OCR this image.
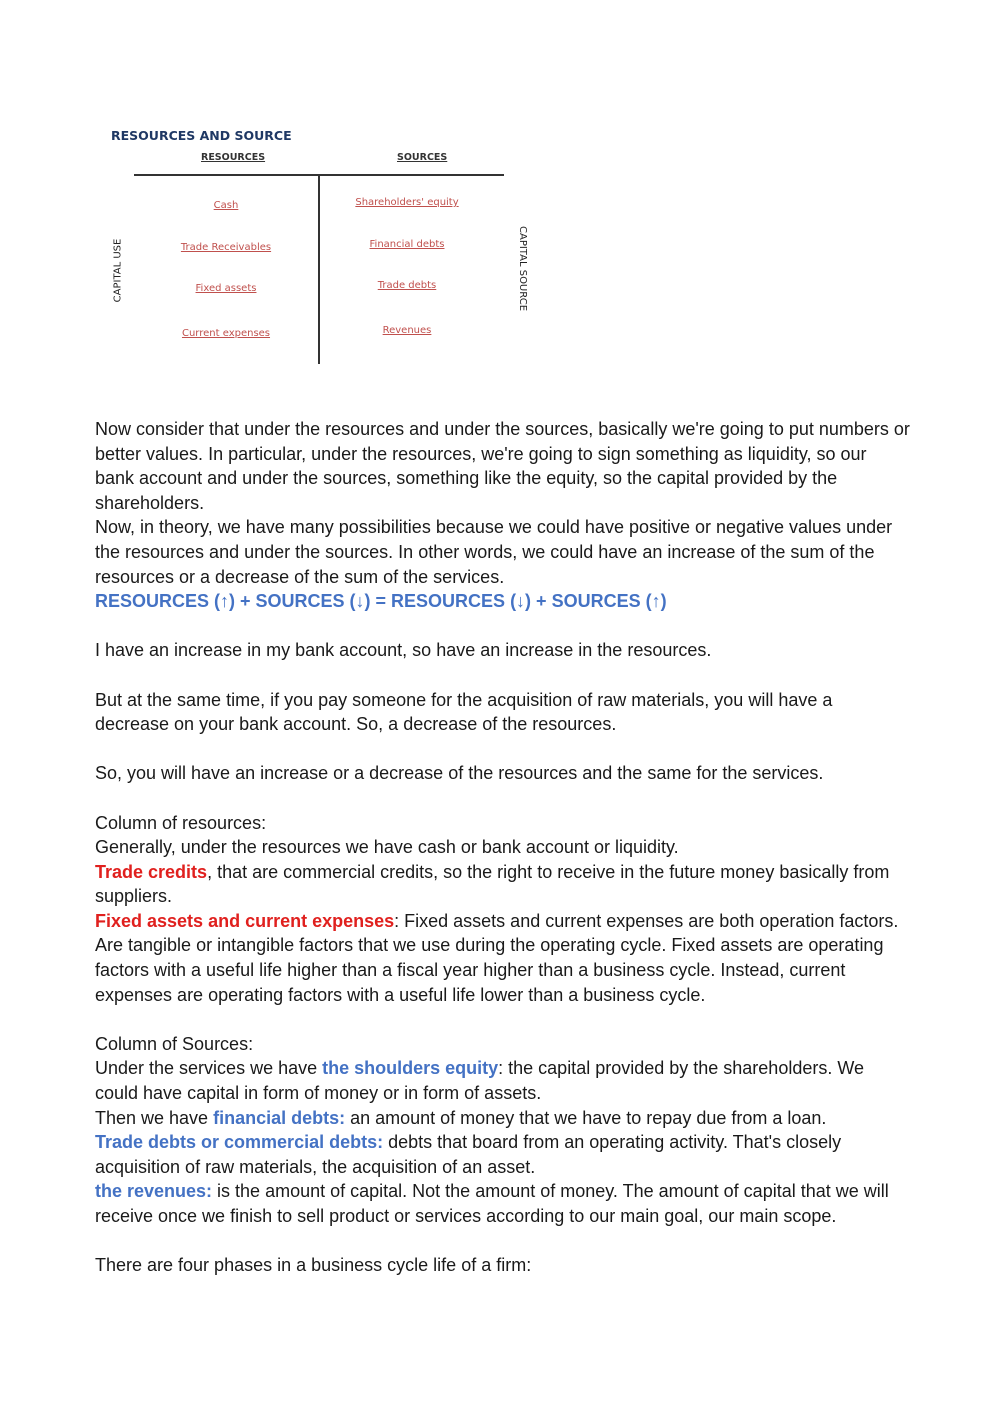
RESOURCES AND SOURCE
RESOURCES	SOURCES
Cash
Trade Receivables
Fixed assets
Current expenses
Shareholders' equity
Financial debts
Trade debts
Revenues
CAPITAL USE	CAPITAL SOURCE

Now consider that under the resources and under the sources, basically we're going to put numbers or better values. In particular, under the resources, we're going to sign something as liquidity, so our bank account and under the sources, something like the equity, so the capital provided by the shareholders.

Now, in theory, we have many possibilities because we could have positive or negative values under the resources and under the sources. In other words, we could have an increase of the sum of the resources or a decrease of the sum of the services.

RESOURCES (↑) + SOURCES (↓) = RESOURCES (↓) + SOURCES (↑)

I have an increase in my bank account, so have an increase in the resources.

But at the same time, if you pay someone for the acquisition of raw materials, you will have a decrease on your bank account. So, a decrease of the resources.

So, you will have an increase or a decrease of the resources and the same for the services.

Column of resources:

Generally, under the resources we have cash or bank account or liquidity.

Trade credits, that are commercial credits, so the right to receive in the future money basically from suppliers.

Fixed assets and current expenses: Fixed assets and current expenses are both operation factors. Are tangible or intangible factors that we use during the operating cycle. Fixed assets are operating factors with a useful life higher than a fiscal year higher than a business cycle. Instead, current expenses are operating factors with a useful life lower than a business cycle.

Column of Sources:

Under the services we have the shoulders equity: the capital provided by the shareholders. We could have capital in form of money or in form of assets.

Then we have financial debts: an amount of money that we have to repay due from a loan.

Trade debts or commercial debts: debts that board from an operating activity. That's closely acquisition of raw materials, the acquisition of an asset.

the revenues: is the amount of capital. Not the amount of money. The amount of capital that we will receive once we finish to sell product or services according to our main goal, our main scope.

There are four phases in a business cycle life of a firm:
